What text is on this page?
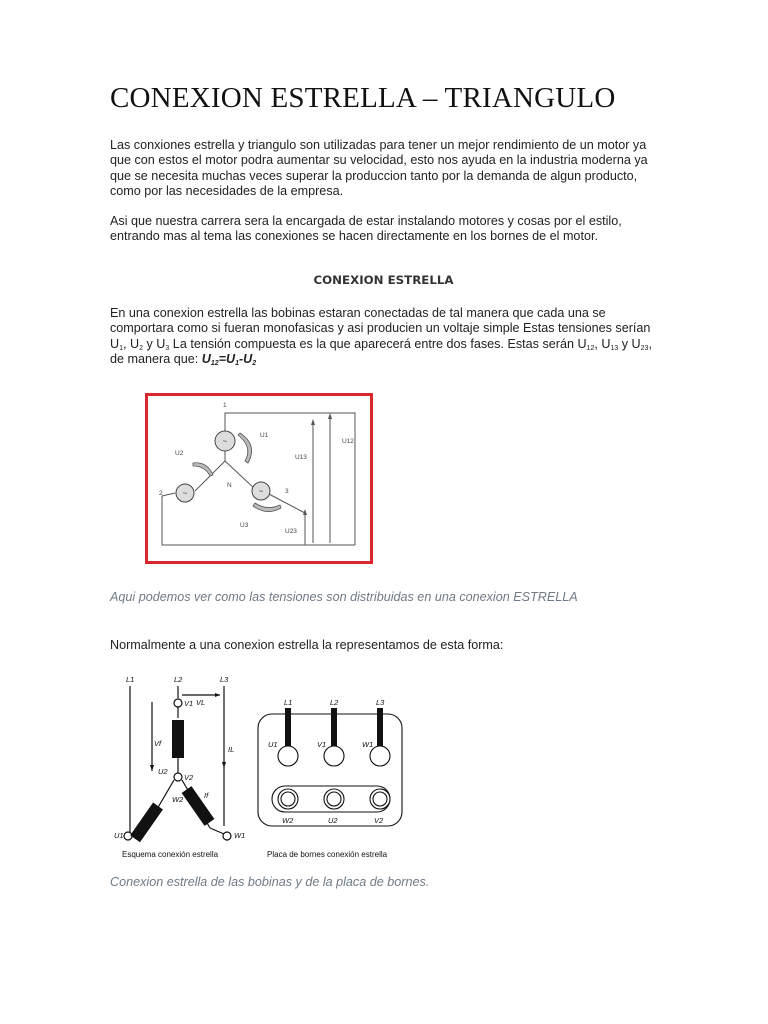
CONEXION ESTRELLA – TRIANGULO

Las conxiones estrella y triangulo son utilizadas para tener un mejor rendimiento de un motor ya que con estos el motor podra aumentar su velocidad, esto nos ayuda en la industria moderna ya que se necesita muchas veces superar la produccion tanto por la demanda de algun producto, como por las necesidades de la empresa.

Asi que nuestra carrera sera la encargada de estar instalando motores y cosas por el estilo, entrando mas al tema las conexiones se hacen directamente en los bornes de el motor.

CONEXION ESTRELLA

En una conexion estrella las bobinas estaran conectadas de tal manera que cada una se comportara como si fueran monofasicas y asi producien un voltaje simple Estas tensiones serían $U_1$, $U_2$ y $U_3$ La tensión compuesta es la que aparecerá entre dos fases. Estas serán $U_{12}$, $U_{13}$ y $U_{23}$, de manera que: $U_{12}=U_1-U_2$

~
~	~
1
2	3
N
U1
U2
U3
U13
U12
U23

Aqui podemos ver como las tensiones son distribuidas en una conexion ESTRELLA

Normalmente a una conexion estrella la representamos de esta forma:

L1	L2	L3
VL
IL
Vf
If
V1
U2
V2
W2
U1	W1
Esquema conexión estrella
L1	L2	L3
U1	V1	W1
W2	U2	V2
Placa de bornes conexión estrella

Conexion estrella de las bobinas y de la placa de bornes.
